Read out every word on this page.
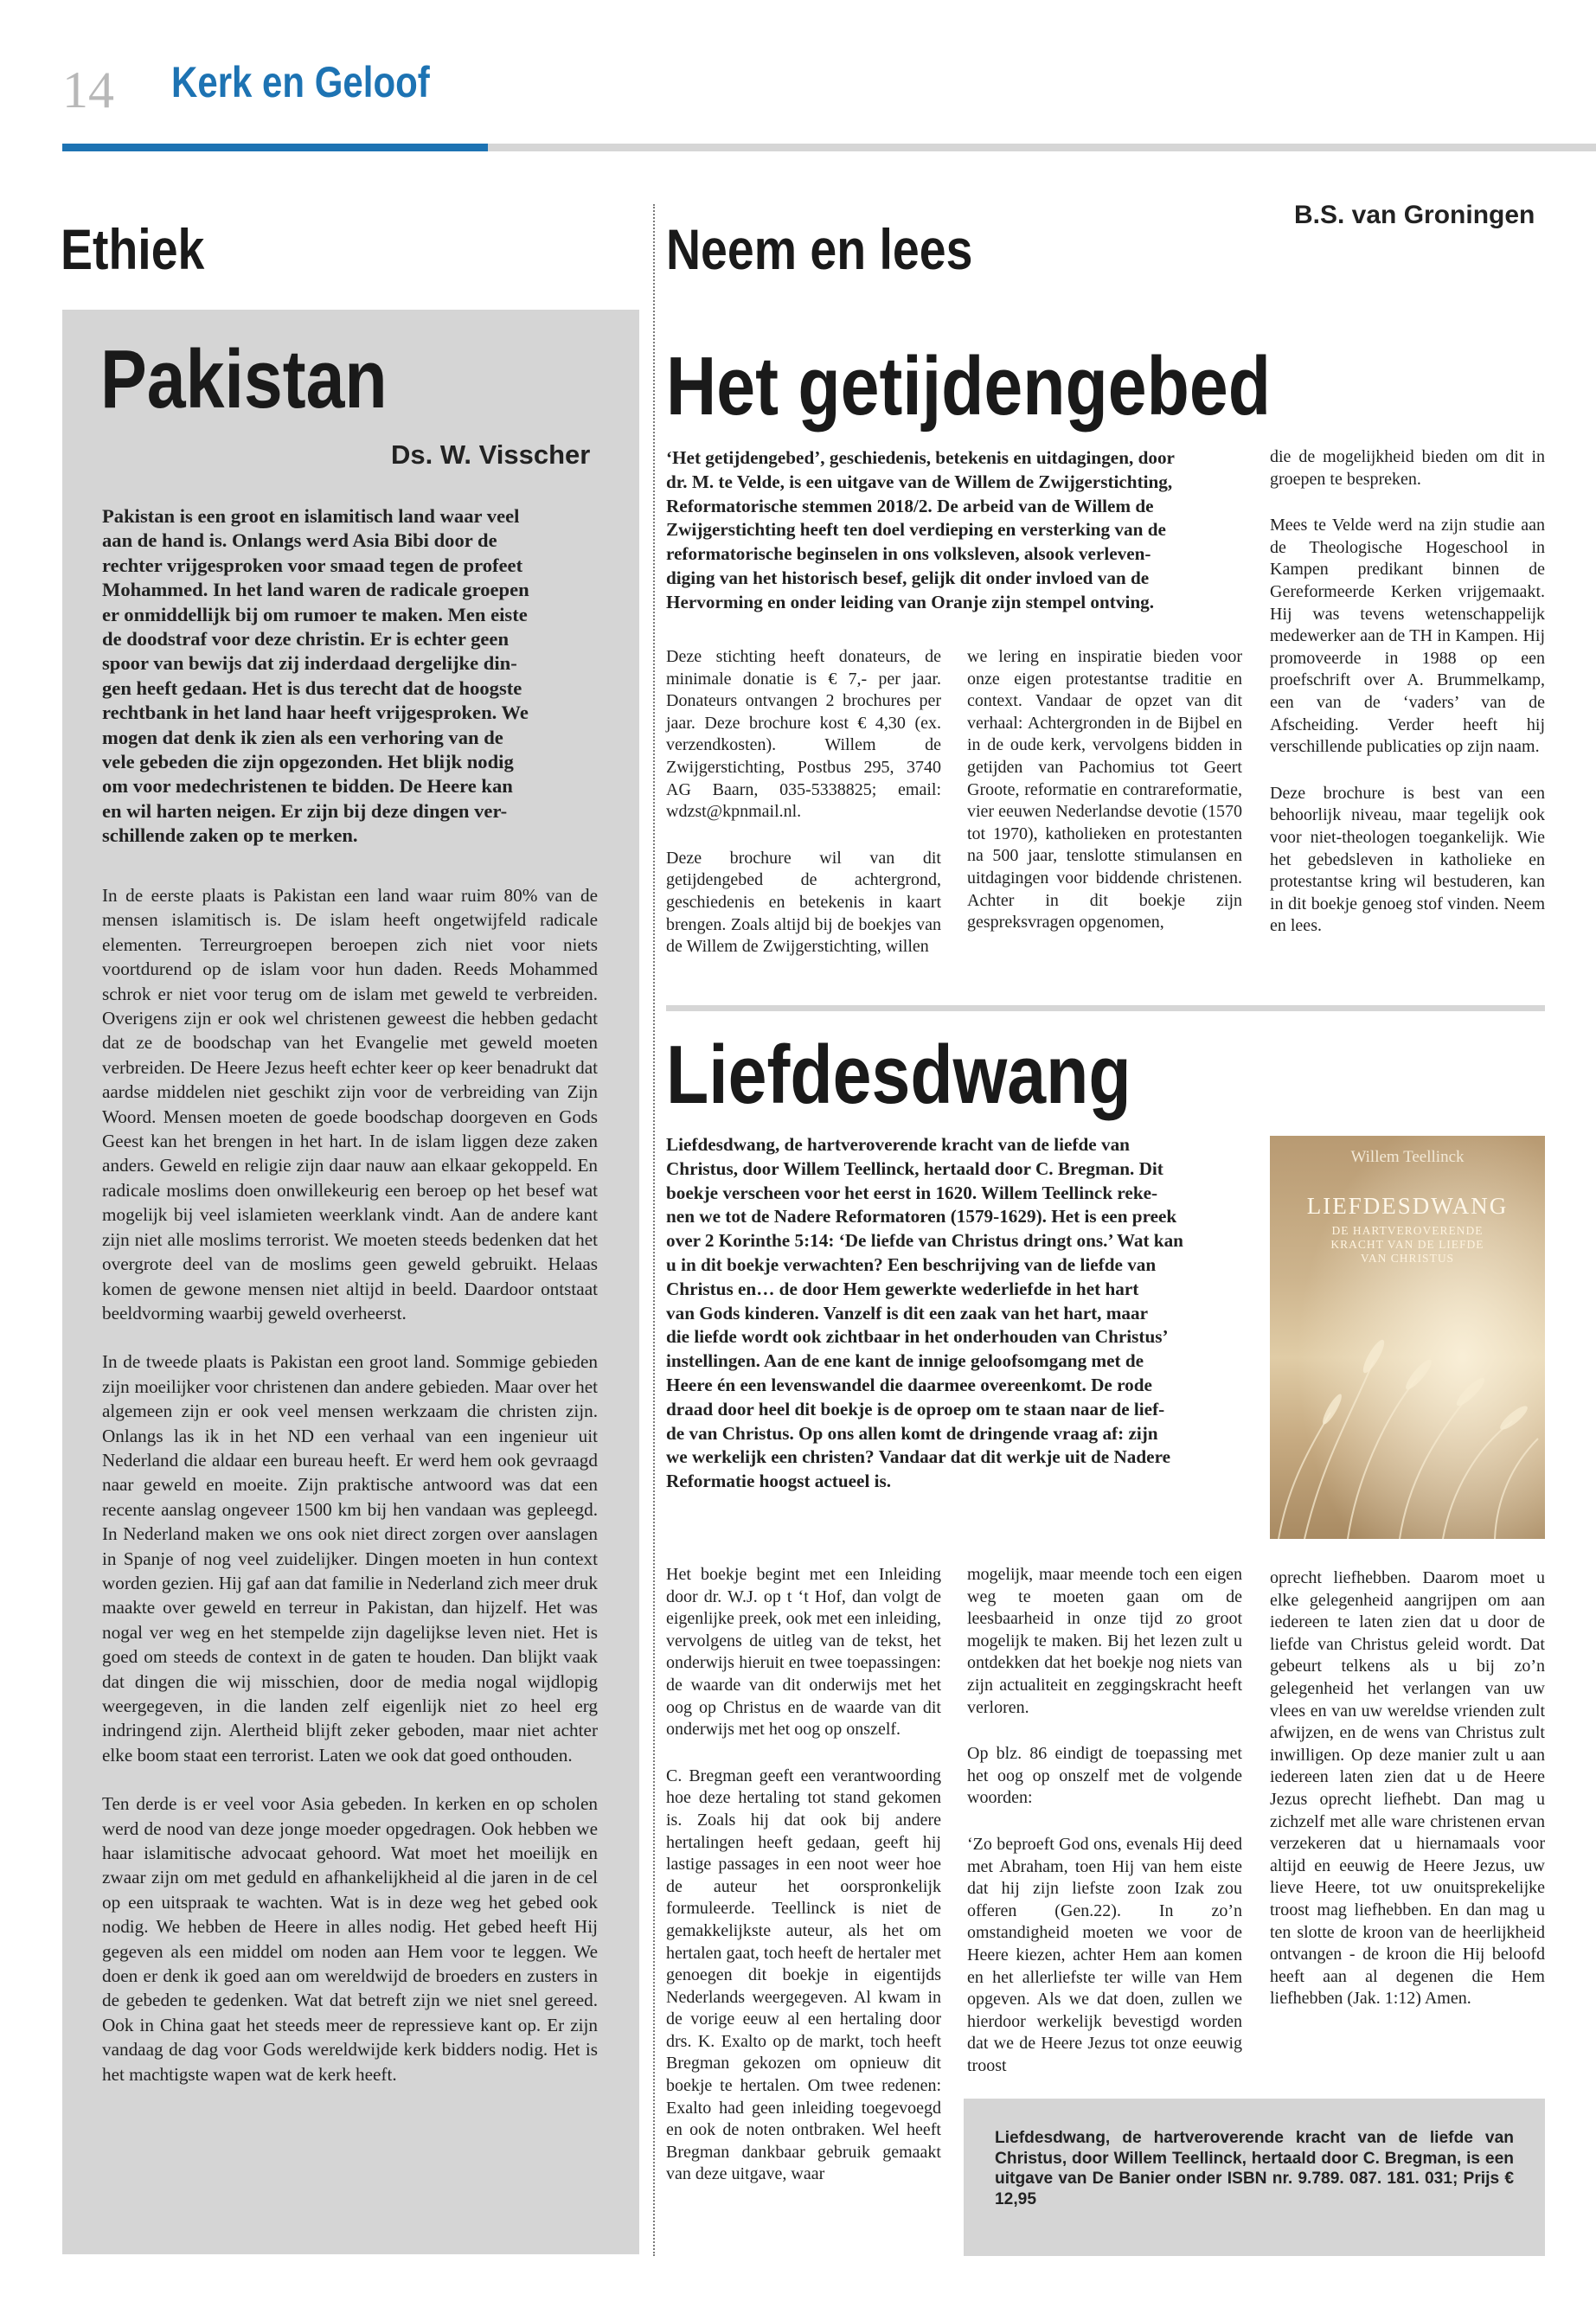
14 Kerk en Geloof
Ethiek
Pakistan
Ds. W. Visscher

Pakistan is een groot en islamitisch land waar veel

aan de hand is. Onlangs werd Asia Bibi door de

rechter vrijgesproken voor smaad tegen de profeet

Mohammed. In het land waren de radicale groepen

er onmiddellijk bij om rumoer te maken. Men eiste

de doodstraf voor deze christin. Er is echter geen

spoor van bewijs dat zij inderdaad dergelijke din-

gen heeft gedaan. Het is dus terecht dat de hoogste

rechtbank in het land haar heeft vrijgesproken. We

mogen dat denk ik zien als een verhoring van de

vele gebeden die zijn opgezonden. Het blijk nodig

om voor medechristenen te bidden. De Heere kan

en wil harten neigen. Er zijn bij deze dingen ver-

schillende zaken op te merken.

In de eerste plaats is Pakistan een land waar ruim 80% van de mensen islamitisch is. De islam heeft ongetwijfeld radicale elementen. Terreurgroepen beroepen zich niet voor niets voortdurend op de islam voor hun daden. Reeds Mohammed schrok er niet voor terug om de islam met geweld te verbreiden. Overigens zijn er ook wel christenen geweest die hebben gedacht dat ze de boodschap van het Evangelie met geweld moeten verbreiden. De Heere Jezus heeft echter keer op keer benadrukt dat aardse middelen niet geschikt zijn voor de verbreiding van Zijn Woord. Mensen moeten de goede boodschap doorgeven en Gods Geest kan het brengen in het hart. In de islam liggen deze zaken anders. Geweld en religie zijn daar nauw aan elkaar gekoppeld. En radicale moslims doen onwillekeurig een beroep op het besef wat mogelijk bij veel islamieten weerklank vindt. Aan de andere kant zijn niet alle moslims terrorist. We moeten steeds bedenken dat het overgrote deel van de moslims geen geweld gebruikt. Helaas komen de gewone mensen niet altijd in beeld. Daardoor ontstaat beeldvorming waarbij geweld overheerst.

In de tweede plaats is Pakistan een groot land. Sommige gebieden zijn moeilijker voor christenen dan andere gebieden. Maar over het algemeen zijn er ook veel mensen werkzaam die christen zijn. Onlangs las ik in het ND een verhaal van een ingenieur uit Nederland die aldaar een bureau heeft. Er werd hem ook gevraagd naar geweld en moeite. Zijn praktische antwoord was dat een recente aanslag ongeveer 1500 km bij hen vandaan was gepleegd. In Nederland maken we ons ook niet direct zorgen over aanslagen in Spanje of nog veel zuidelijker. Dingen moeten in hun context worden gezien. Hij gaf aan dat familie in Nederland zich meer druk maakte over geweld en terreur in Pakistan, dan hijzelf. Het was nogal ver weg en het stempelde zijn dagelijkse leven niet. Het is goed om steeds de context in de gaten te houden. Dan blijkt vaak dat dingen die wij misschien, door de media nogal wijdlopig weergegeven, in die landen zelf eigenlijk niet zo heel erg indringend zijn. Alertheid blijft zeker geboden, maar niet achter elke boom staat een terrorist. Laten we ook dat goed onthouden.

Ten derde is er veel voor Asia gebeden. In kerken en op scholen werd de nood van deze jonge moeder opgedragen. Ook hebben we haar islamitische advocaat gehoord. Wat moet het moeilijk en zwaar zijn om met geduld en afhankelijkheid al die jaren in de cel op een uitspraak te wachten. Wat is in deze weg het gebed ook nodig. We hebben de Heere in alles nodig. Het gebed heeft Hij gegeven als een middel om noden aan Hem voor te leggen. We doen er denk ik goed aan om wereldwijd de broeders en zusters in de gebeden te gedenken. Wat dat betreft zijn we niet snel gereed. Ook in China gaat het steeds meer de repressieve kant op. Er zijn vandaag de dag voor Gods wereldwijde kerk bidders nodig. Het is het machtigste wapen wat de kerk heeft.

Neem en lees
B.S. van Groningen
Het getijdengebed

‘Het getijdengebed’, geschiedenis, betekenis en uitdagingen, door

dr. M. te Velde, is een uitgave van de Willem de Zwijgerstichting,

Reformatorische stemmen 2018/2. De arbeid van de Willem de

Zwijgerstichting heeft ten doel verdieping en versterking van de

reformatorische beginselen in ons volksleven, alsook verleven-

diging van het historisch besef, gelijk dit onder invloed van de

Hervorming en onder leiding van Oranje zijn stempel ontving.

Deze stichting heeft donateurs, de minimale donatie is € 7,- per jaar. Donateurs ontvangen 2 brochures per jaar. Deze brochure kost € 4,30 (ex. verzendkosten). Willem de Zwijgerstichting, Postbus 295, 3740 AG Baarn, 035-5338825; email: wdzst@kpnmail.nl.

Deze brochure wil van dit getijdengebed de achtergrond, geschiedenis en betekenis in kaart brengen. Zoals altijd bij de boekjes van de Willem de Zwijgerstichting, willen

we lering en inspiratie bieden voor onze eigen protestantse traditie en context. Vandaar de opzet van dit verhaal: Achtergronden in de Bijbel en in de oude kerk, vervolgens bidden in getijden van Pachomius tot Geert Groote, reformatie en contrareformatie, vier eeuwen Nederlandse devotie (1570 tot 1970), katholieken en protestanten na 500 jaar, tenslotte stimulansen en uitdagingen voor biddende christenen. Achter in dit boekje zijn gespreksvragen opgenomen,

die de mogelijkheid bieden om dit in groepen te bespreken.

Mees te Velde werd na zijn studie aan de Theologische Hogeschool in Kampen predikant binnen de Gereformeerde Kerken vrijgemaakt. Hij was tevens wetenschappelijk medewerker aan de TH in Kampen. Hij promoveerde in 1988 op een proefschrift over A. Brummelkamp, een van de ‘vaders’ van de Afscheiding. Verder heeft hij verschillende publicaties op zijn naam.

Deze brochure is best van een behoorlijk niveau, maar tegelijk ook voor niet-theologen toegankelijk. Wie het gebedsleven in katholieke en protestantse kring wil bestuderen, kan in dit boekje genoeg stof vinden. Neem en lees.

Liefdesdwang

Liefdesdwang, de hartveroverende kracht van de liefde van

Christus, door Willem Teellinck, hertaald door C. Bregman. Dit

boekje verscheen voor het eerst in 1620. Willem Teellinck reke-

nen we tot de Nadere Reformatoren (1579-1629). Het is een preek

over 2 Korinthe 5:14: ‘De liefde van Christus dringt ons.’ Wat kan

u in dit boekje verwachten? Een beschrijving van de liefde van

Christus en… de door Hem gewerkte wederliefde in het hart

van Gods kinderen. Vanzelf is dit een zaak van het hart, maar

die liefde wordt ook zichtbaar in het onderhouden van Christus’

instellingen. Aan de ene kant de innige geloofsomgang met de

Heere én een levenswandel die daarmee overeenkomt. De rode

draad door heel dit boekje is de oproep om te staan naar de lief-

de van Christus. Op ons allen komt de dringende vraag af: zijn

we werkelijk een christen? Vandaar dat dit werkje uit de Nadere

Reformatie hoogst actueel is.

Willem Teellinck
LIEFDESDWANG
DE HARTVEROVERENDE
KRACHT VAN DE LIEFDE
VAN CHRISTUS

Het boekje begint met een Inleiding door dr. W.J. op t ‘t Hof, dan volgt de eigenlijke preek, ook met een inleiding, vervolgens de uitleg van de tekst, het onderwijs hieruit en twee toepassingen: de waarde van dit onderwijs met het oog op Christus en de waarde van dit onderwijs met het oog op onszelf.

C. Bregman geeft een verantwoording hoe deze hertaling tot stand gekomen is. Zoals hij dat ook bij andere hertalingen heeft gedaan, geeft hij lastige passages in een noot weer hoe de auteur het oorspronkelijk formuleerde. Teellinck is niet de gemakkelijkste auteur, als het om hertalen gaat, toch heeft de hertaler met genoegen dit boekje in eigentijds Nederlands weergegeven. Al kwam in de vorige eeuw al een hertaling door drs. K. Exalto op de markt, toch heeft Bregman gekozen om opnieuw dit boekje te hertalen. Om twee redenen: Exalto had geen inleiding toegevoegd en ook de noten ontbraken. Wel heeft Bregman dankbaar gebruik gemaakt van deze uitgave, waar

mogelijk, maar meende toch een eigen weg te moeten gaan om de leesbaarheid in onze tijd zo groot mogelijk te maken. Bij het lezen zult u ontdekken dat het boekje nog niets van zijn actualiteit en zeggingskracht heeft verloren.

Op blz. 86 eindigt de toepassing met het oog op onszelf met de volgende woorden:

‘Zo beproeft God ons, evenals Hij deed met Abraham, toen Hij van hem eiste dat hij zijn liefste zoon Izak zou offeren (Gen.22). In zo’n omstandigheid moeten we voor de Heere kiezen, achter Hem aan komen en het allerliefste ter wille van Hem opgeven. Als we dat doen, zullen we hierdoor werkelijk bevestigd worden dat we de Heere Jezus tot onze eeuwig troost

oprecht liefhebben. Daarom moet u elke gelegenheid aangrijpen om aan iedereen te laten zien dat u door de liefde van Christus geleid wordt. Dat gebeurt telkens als u bij zo’n gelegenheid het verlangen van uw vlees en van uw wereldse vrienden zult afwijzen, en de wens van Christus zult inwilligen. Op deze manier zult u aan iedereen laten zien dat u de Heere Jezus oprecht liefhebt. Dan mag u zichzelf met alle ware christenen ervan verzekeren dat u hiernamaals voor altijd en eeuwig de Heere Jezus, uw lieve Heere, tot uw onuitsprekelijke troost mag liefhebben. En dan mag u ten slotte de kroon van de heerlijkheid ontvangen - de kroon die Hij beloofd heeft aan al degenen die Hem liefhebben (Jak. 1:12) Amen.

Liefdesdwang, de hartveroverende kracht van de liefde van Christus, door Willem Teellinck, hertaald door C. Bregman, is een uitgave van De Banier onder ISBN nr. 9.789. 087. 181. 031; Prijs € 12,95
